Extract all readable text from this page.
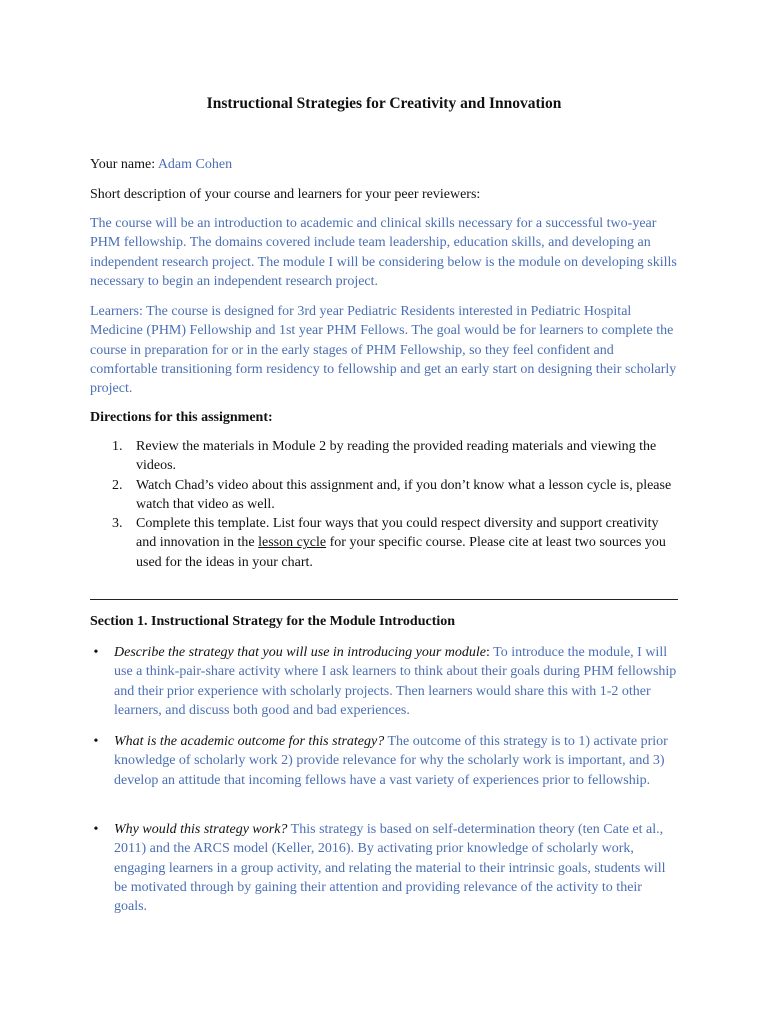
Instructional Strategies for Creativity and Innovation

Your name: Adam Cohen

Short description of your course and learners for your peer reviewers:

The course will be an introduction to academic and clinical skills necessary for a successful two-year PHM fellowship. The domains covered include team leadership, education skills, and developing an independent research project. The module I will be considering below is the module on developing skills necessary to begin an independent research project.

Learners: The course is designed for 3rd year Pediatric Residents interested in Pediatric Hospital Medicine (PHM) Fellowship and 1st year PHM Fellows. The goal would be for learners to complete the course in preparation for or in the early stages of PHM Fellowship, so they feel confident and comfortable transitioning form residency to fellowship and get an early start on designing their scholarly project.

Directions for this assignment:

1. Review the materials in Module 2 by reading the provided reading materials and viewing the videos.
2. Watch Chad’s video about this assignment and, if you don’t know what a lesson cycle is, please watch that video as well.
3. Complete this template. List four ways that you could respect diversity and support creativity and innovation in the lesson cycle for your specific course. Please cite at least two sources you used for the ideas in your chart.

Section 1. Instructional Strategy for the Module Introduction

• Describe the strategy that you will use in introducing your module: To introduce the module, I will use a think-pair-share activity where I ask learners to think about their goals during PHM fellowship and their prior experience with scholarly projects. Then learners would share this with 1-2 other learners, and discuss both good and bad experiences.
• What is the academic outcome for this strategy? The outcome of this strategy is to 1) activate prior knowledge of scholarly work 2) provide relevance for why the scholarly work is important, and 3) develop an attitude that incoming fellows have a vast variety of experiences prior to fellowship.
• Why would this strategy work? This strategy is based on self-determination theory (ten Cate et al., 2011) and the ARCS model (Keller, 2016). By activating prior knowledge of scholarly work, engaging learners in a group activity, and relating the material to their intrinsic goals, students will be motivated through by gaining their attention and providing relevance of the activity to their goals.
